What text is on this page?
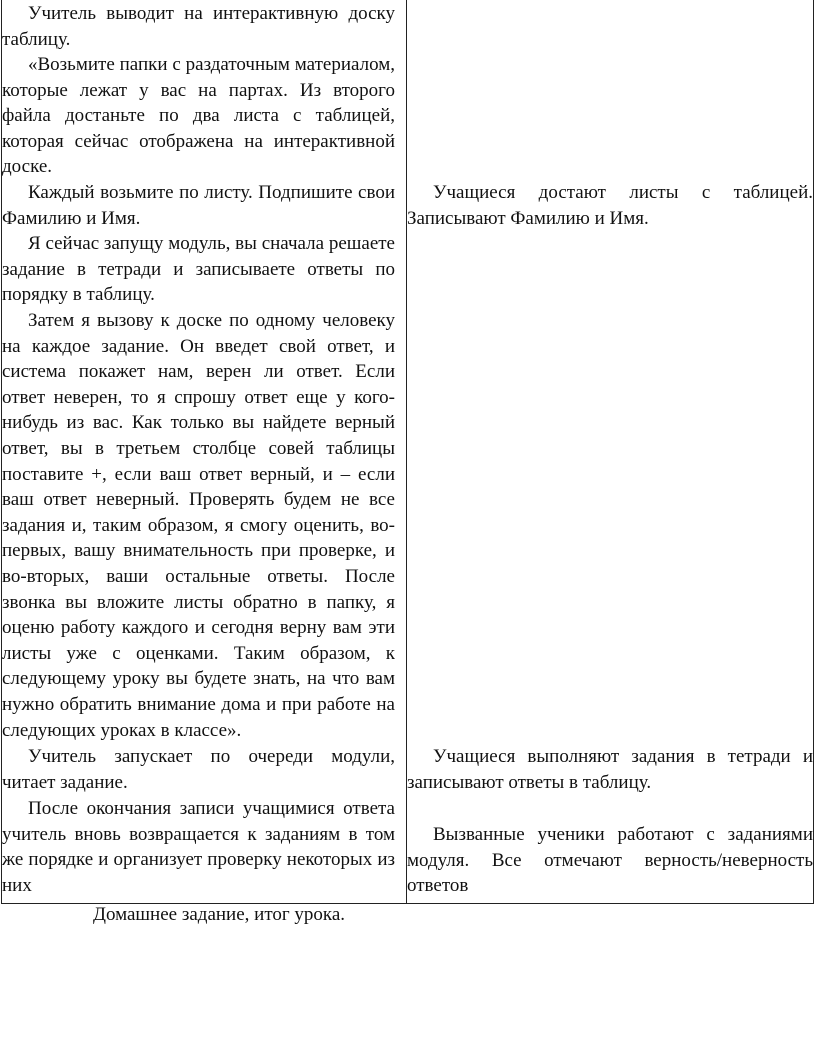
Учитель выводит на интерактивную доску таблицу.

«Возьмите папки с раздаточным материалом, которые лежат у вас на партах. Из второго файла достаньте по два листа с таблицей, которая сейчас отображена на интерактивной доске.

Каждый возьмите по листу. Подпишите свои Фамилию и Имя.

Я сейчас запущу модуль, вы сначала решаете задание в тетради и записываете ответы по порядку в таблицу.

Затем я вызову к доске по одному человеку на каждое задание. Он введет свой ответ, и система покажет нам, верен ли ответ. Если ответ неверен, то я спрошу ответ еще у кого-нибудь из вас. Как только вы найдете верный ответ, вы в третьем столбце совей таблицы поставите +, если ваш ответ верный, и – если ваш ответ неверный. Проверять будем не все задания и, таким образом, я смогу оценить, во-первых, вашу внимательность при проверке, и во-вторых, ваши остальные ответы. После звонка вы вложите листы обратно в папку, я оценю работу каждого и сегодня верну вам эти листы уже с оценками. Таким образом, к следующему уроку вы будете знать, на что вам нужно обратить внимание дома и при работе на следующих уроках в классе».

Учитель запускает по очереди модули, читает задание.

После окончания записи учащимися ответа учитель вновь возвращается к заданиям в том же порядке и организует проверку некоторых из них

Учащиеся достают листы с таблицей. Записывают Фамилию и Имя.

Учащиеся выполняют задания в тетради и записывают ответы в таблицу.

Вызванные ученики работают с заданиями модуля. Все отмечают верность/неверность ответов

Домашнее задание, итог урока.
